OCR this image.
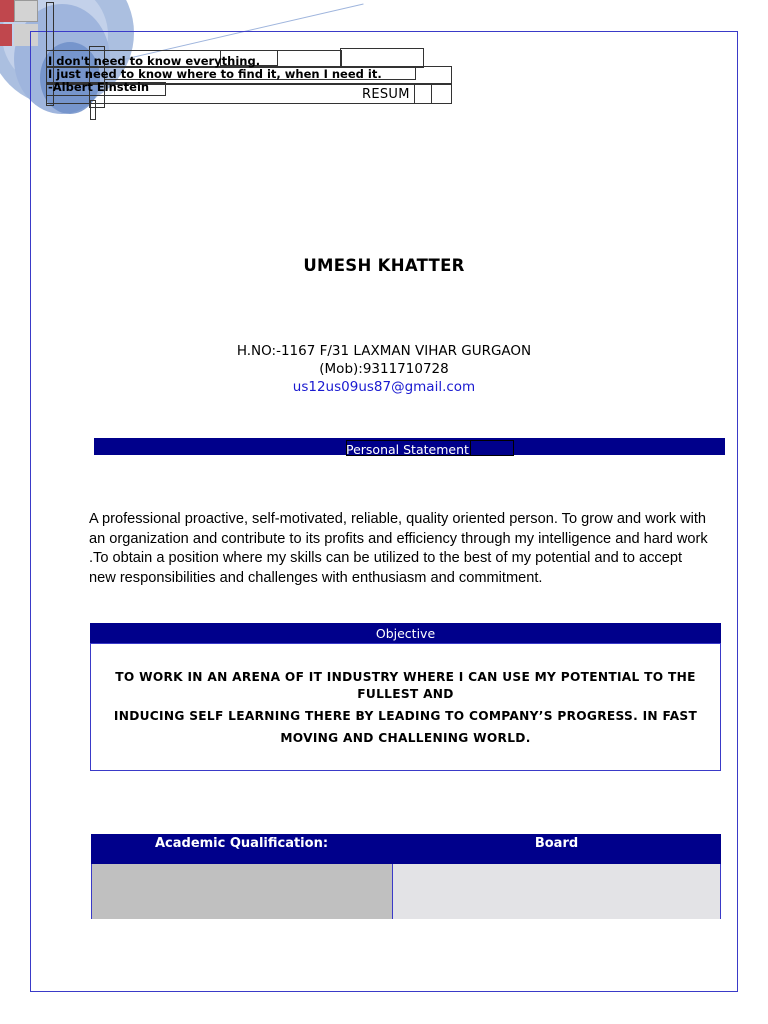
I don't need to know everything.
I just need to know where to find it, when I need it.
-Albert Einstein	RESUM
UMESH KHATTER
H.NO:-1167 F/31 LAXMAN VIHAR GURGAON
(Mob):9311710728
us12us09us87@gmail.com
Personal Statement
A professional proactive, self-motivated, reliable, quality oriented person. To grow and work with an organization and contribute to its profits and efficiency through my intelligence and hard work .To obtain a position where my skills can be utilized to the best of my potential and to accept new responsibilities and challenges with enthusiasm and commitment.
Objective
TO WORK IN AN ARENA OF IT INDUSTRY WHERE I CAN USE MY POTENTIAL TO THE FULLEST AND
INDUCING SELF LEARNING THERE BY LEADING TO COMPANY’S PROGRESS. IN FAST MOVING AND CHALLENING WORLD.
Academic Qualification:	Board
